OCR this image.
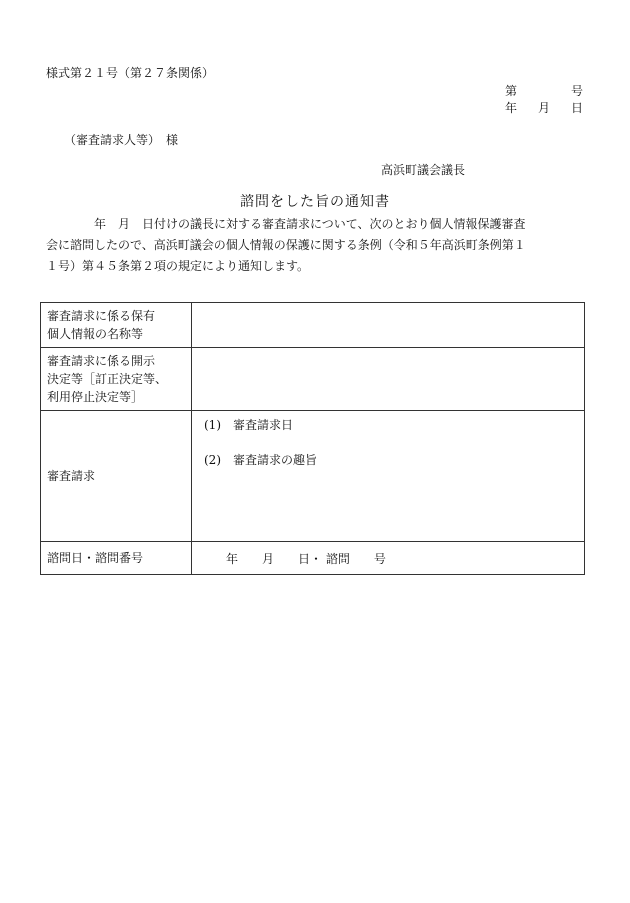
様式第２１号（第２７条関係）
第	号
年 月 日
（審査請求人等）　様
高浜町議会議長
諮問をした旨の通知書

　　　　年　月　日付けの議長に対する審査請求について、次のとおり個人情報保護審査

会に諮問したので、高浜町議会の個人情報の保護に関する条例（令和５年高浜町条例第１

１号）第４５条第２項の規定により通知します。

審査請求に係る保有
個人情報の名称等	

審査請求に係る開示
決定等［訂正決定等、
利用停止決定等］	

審査請求	(1)　審査請求日
(2)　審査請求の趣旨

諮問日・諮問番号	年　　月　　日・ 諮問　　号
